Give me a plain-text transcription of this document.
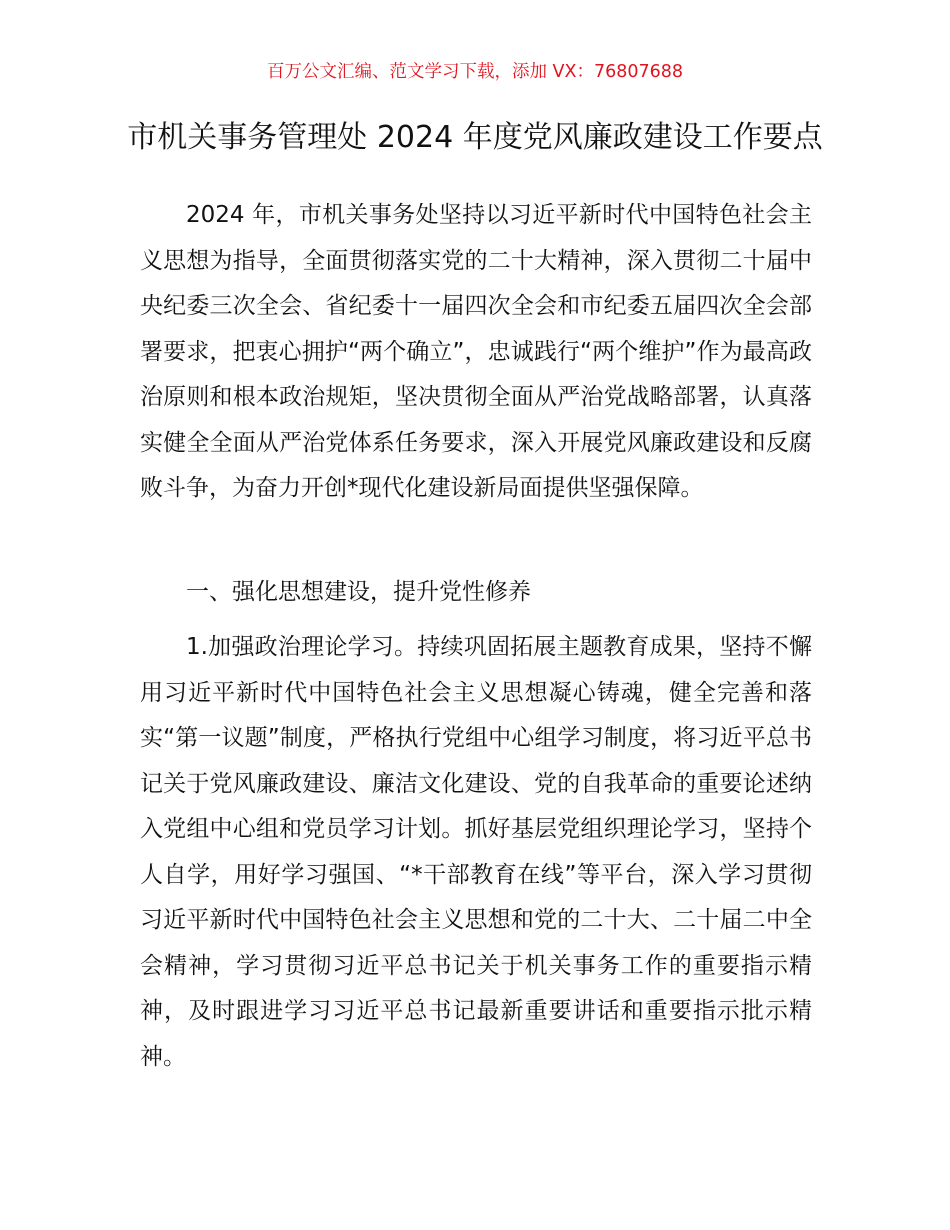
百万公文汇编、范文学习下载，添加 VX：76807688
市机关事务管理处 2024 年度党风廉政建设工作要点

2024 年，市机关事务处坚持以习近平新时代中国特色社会主义思想为指导，全面贯彻落实党的二十大精神，深入贯彻二十届中央纪委三次全会、省纪委十一届四次全会和市纪委五届四次全会部署要求，把衷心拥护“两个确立”，忠诚践行“两个维护”作为最高政治原则和根本政治规矩，坚决贯彻全面从严治党战略部署，认真落实健全全面从严治党体系任务要求，深入开展党风廉政建设和反腐败斗争，为奋力开创*现代化建设新局面提供坚强保障。

一、强化思想建设，提升党性修养

1.加强政治理论学习。持续巩固拓展主题教育成果，坚持不懈用习近平新时代中国特色社会主义思想凝心铸魂，健全完善和落实“第一议题”制度，严格执行党组中心组学习制度，将习近平总书记关于党风廉政建设、廉洁文化建设、党的自我革命的重要论述纳入党组中心组和党员学习计划。抓好基层党组织理论学习，坚持个人自学，用好学习强国、“*干部教育在线”等平台，深入学习贯彻习近平新时代中国特色社会主义思想和党的二十大、二十届二中全会精神，学习贯彻习近平总书记关于机关事务工作的重要指示精神，及时跟进学习习近平总书记最新重要讲话和重要指示批示精神。
